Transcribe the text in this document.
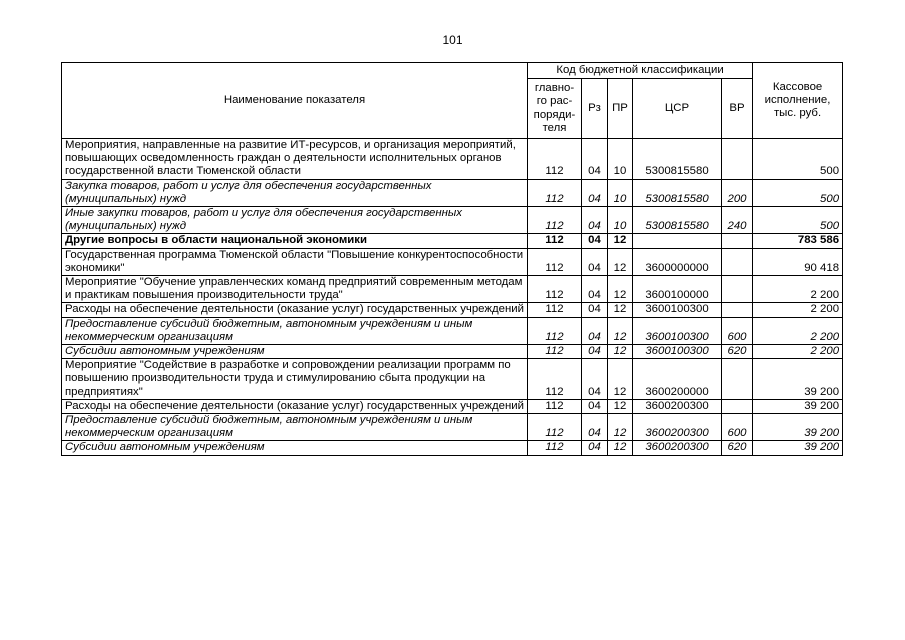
101
Наименование показателя	Код бюджетной классификации					Кассовое исполнение, тыс. руб.
	главно-го рас-поряди-теля	Рз	ПР	ЦСР	ВР	
Мероприятия, направленные на развитие ИТ-ресурсов, и организация мероприятий, повышающих осведомленность граждан о деятельности исполнительных органов государственной власти Тюменской области	112	04	10	5300815580		500
Закупка товаров, работ и услуг для обеспечения государственных (муниципальных) нужд	112	04	10	5300815580	200	500
Иные закупки товаров, работ и услуг для обеспечения государственных (муниципальных) нужд	112	04	10	5300815580	240	500
Другие вопросы в области национальной экономики	112	04	12			783 586
Государственная программа Тюменской области "Повышение конкурентоспособности экономики"	112	04	12	3600000000		90 418
Мероприятие "Обучение управленческих команд предприятий современным методам и практикам повышения производительности труда"	112	04	12	3600100000		2 200
Расходы на обеспечение деятельности (оказание услуг) государственных учреждений	112	04	12	3600100300		2 200
Предоставление субсидий бюджетным, автономным учреждениям и иным некоммерческим организациям	112	04	12	3600100300	600	2 200
Субсидии автономным учреждениям	112	04	12	3600100300	620	2 200
Мероприятие "Содействие в разработке и сопровождении реализации программ по повышению производительности труда и стимулированию сбыта продукции на предприятиях"	112	04	12	3600200000		39 200
Расходы на обеспечение деятельности (оказание услуг) государственных учреждений	112	04	12	3600200300		39 200
Предоставление субсидий бюджетным, автономным учреждениям и иным некоммерческим организациям	112	04	12	3600200300	600	39 200
Субсидии автономным учреждениям	112	04	12	3600200300	620	39 200
